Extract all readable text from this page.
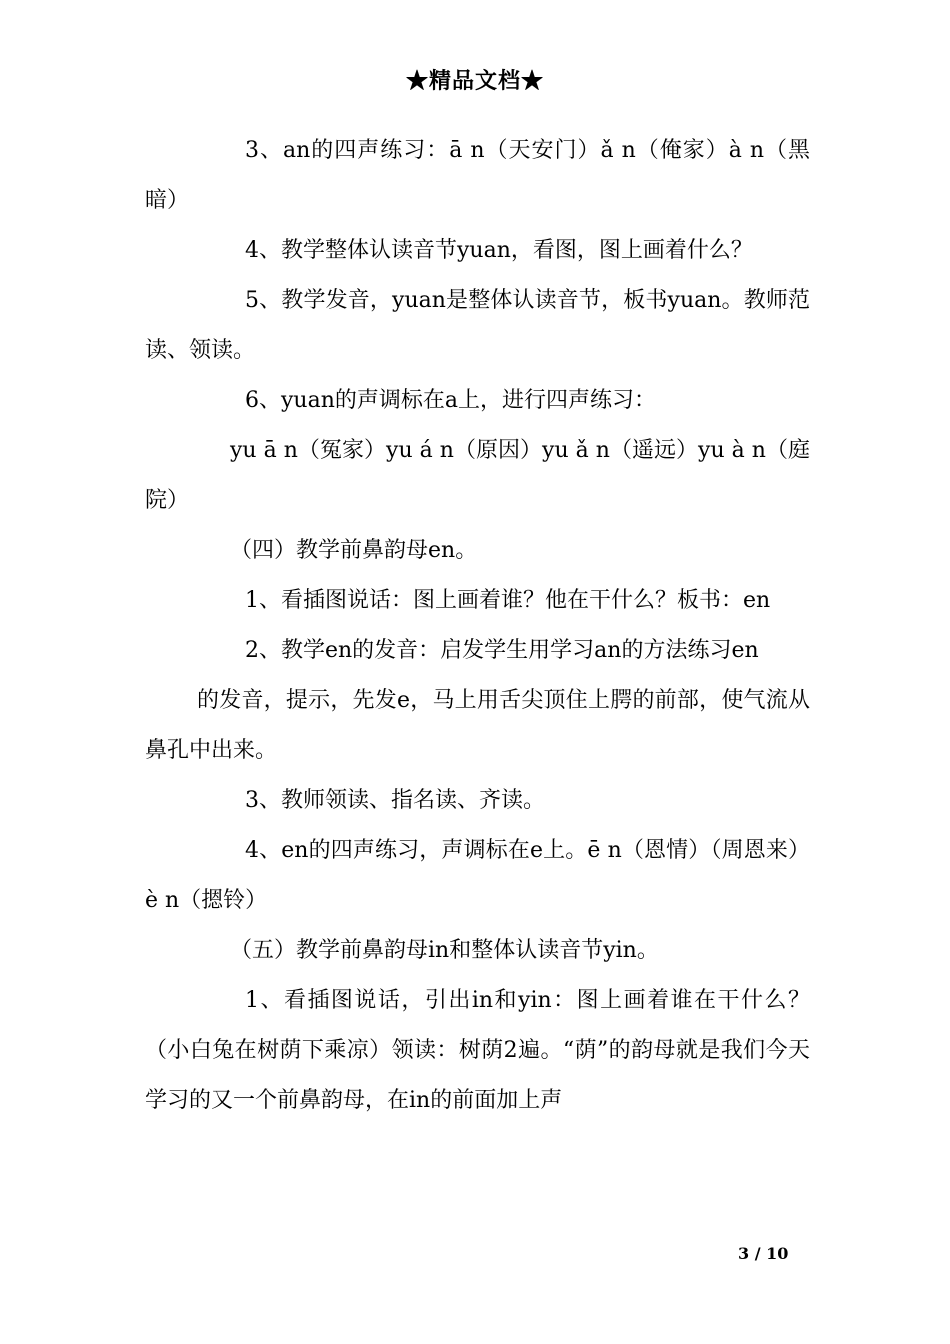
★精品文档★
3、an的四声练习：ā n（天安门）ǎ n（俺家）à n（黑暗）
4、教学整体认读音节yuan，看图，图上画着什么？
5、教学发音，yuan是整体认读音节，板书yuan。教师范读、领读。
6、yuan的声调标在a上，进行四声练习：
yu ā n（冤家）yu á n（原因）yu ǎ n（遥远）yu à n（庭院）
（四）教学前鼻韵母en。
1、看插图说话：图上画着谁？他在干什么？板书：en
2、教学en的发音：启发学生用学习an的方法练习en
的发音，提示，先发e，马上用舌尖顶住上腭的前部，使气流从鼻孔中出来。
3、教师领读、指名读、齐读。
4、en的四声练习，声调标在e上。ē n（恩情）（周恩来）è n（摁铃）
（五）教学前鼻韵母in和整体认读音节yin。
1、看插图说话，引出in和yin：图上画着谁在干什么？（小白兔在树荫下乘凉）领读：树荫2遍。“荫”的韵母就是我们今天学习的又一个前鼻韵母，在in的前面加上声
3 / 10
